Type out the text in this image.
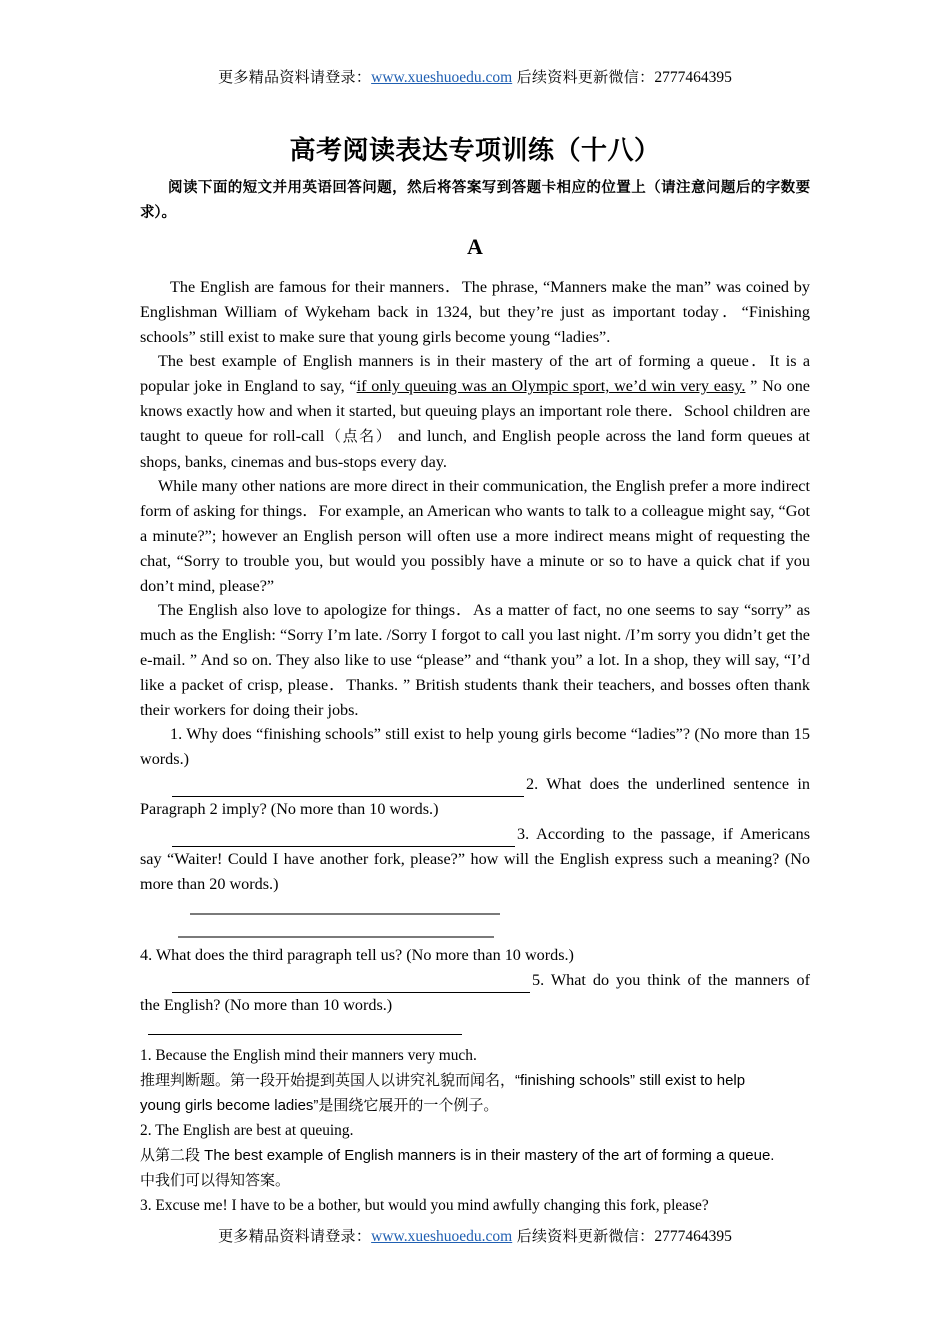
更多精品资料请登录：www.xueshuoedu.com 后续资料更新微信：2777464395
高考阅读表达专项训练（十八）
阅读下面的短文并用英语回答问题，然后将答案写到答题卡相应的位置上（请注意问题后的字数要求）。
A

The English are famous for their manners．The phrase, “Manners make the man” was coined by Englishman William of Wykeham back in 1324, but they’re just as important today．“Finishing schools” still exist to make sure that young girls become young “ladies”.

The best example of English manners is in their mastery of the art of forming a queue．It is a popular joke in England to say, “if only queuing was an Olympic sport, we’d win very easy. ” No one knows exactly how and when it started, but queuing plays an important role there．School children are taught to queue for roll-call（点名） and lunch, and English people across the land form queues at shops, banks, cinemas and bus-stops every day.

While many other nations are more direct in their communication, the English prefer a more indirect form of asking for things．For example, an American who wants to talk to a colleague might say, “Got a minute?”; however an English person will often use a more indirect means might of requesting the chat, “Sorry to trouble you, but would you possibly have a minute or so to have a quick chat if you don’t mind, please?”

The English also love to apologize for things．As a matter of fact, no one seems to say “sorry” as much as the English: “Sorry I’m late. /Sorry I forgot to call you last night. /I’m sorry you didn’t get the e-mail. ” And so on. They also like to use “please” and “thank you” a lot. In a shop, they will say, “I’d like a packet of crisp, please．Thanks. ” British students thank their teachers, and bosses often thank their workers for doing their jobs.

1. Why does “finishing schools” still exist to help young girls become “ladies”? (No more than 15 words.)
2. What does the underlined sentence in Paragraph 2 imply? (No more than 10 words.)
3. According to the passage, if Americans say “Waiter! Could I have another fork, please?” how will the English express such a meaning? (No more than 20 words.)
4. What does the third paragraph tell us? (No more than 10 words.)
5. What do you think of the manners of the English? (No more than 10 words.)
1. Because the English mind their manners very much.
推理判断题。第一段开始提到英国人以讲究礼貌而闻名，“finishing schools” still exist to help
young girls become ladies”是围绕它展开的一个例子。
2. The English are best at queuing.
从第二段 The best example of English manners is in their mastery of the art of forming a queue.
中我们可以得知答案。
3. Excuse me! I have to be a bother, but would you mind awfully changing this fork, please?
更多精品资料请登录：www.xueshuoedu.com 后续资料更新微信：2777464395
